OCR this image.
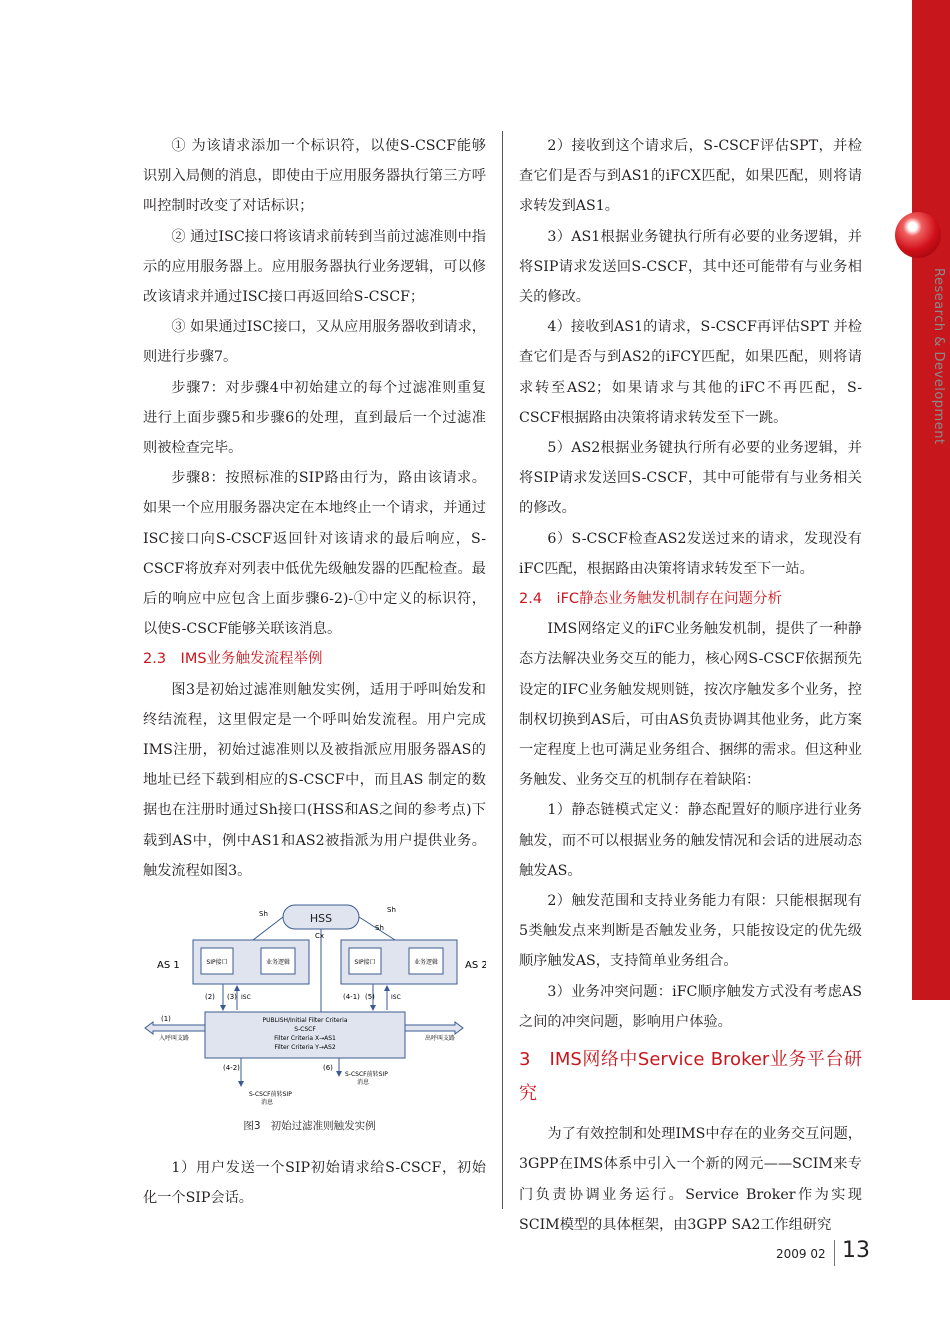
Research & Development

① 为该请求添加一个标识符，以使S-CSCF能够识别入局侧的消息，即使由于应用服务器执行第三方呼叫控制时改变了对话标识；

② 通过ISC接口将该请求前转到当前过滤准则中指示的应用服务器上。应用服务器执行业务逻辑，可以修改该请求并通过ISC接口再返回给S-CSCF；

③ 如果通过ISC接口，又从应用服务器收到请求，则进行步骤7。

步骤7：对步骤4中初始建立的每个过滤准则重复进行上面步骤5和步骤6的处理，直到最后一个过滤准则被检查完毕。

步骤8：按照标准的SIP路由行为，路由该请求。如果一个应用服务器决定在本地终止一个请求，并通过ISC接口向S-CSCF返回针对该请求的最后响应，S-CSCF将放弃对列表中低优先级触发器的匹配检查。最后的响应中应包含上面步骤6-2)-①中定义的标识符，以使S-CSCF能够关联该消息。

2.3　IMS业务触发流程举例

图3是初始过滤准则触发实例，适用于呼叫始发和终结流程，这里假定是一个呼叫始发流程。用户完成IMS注册，初始过滤准则以及被指派应用服务器AS的地址已经下载到相应的S-CSCF中，而且AS 制定的数据也在注册时通过Sh接口(HSS和AS之间的参考点)下载到AS中，例中AS1和AS2被指派为用户提供业务。触发流程如图3。

HSS
SIP接口	业务逻辑
AS 1	SIP接口	业务逻辑	AS 2
Sh	Sh
Sh
Cx
(2) (3) ISC	(4-1) (5)	ISC
PUBLISH/Initial Filter Criteria
S-CSCF
Filter Criteria X→AS1
Filter Criteria Y→AS2
(1)
入呼叫支路	出呼叫支路
(4-2)	(6)
S-CSCF前转SIP
消息
S-CSCF前转SIP
消息
图3 初始过滤准则触发实例

1）用户发送一个SIP初始请求给S-CSCF，初始化一个SIP会话。

2）接收到这个请求后，S-CSCF评估SPT，并检查它们是否与到AS1的iFCX匹配，如果匹配，则将请求转发到AS1。

3）AS1根据业务键执行所有必要的业务逻辑，并将SIP请求发送回S-CSCF，其中还可能带有与业务相关的修改。

4）接收到AS1的请求，S-CSCF再评估SPT 并检查它们是否与到AS2的iFCY匹配，如果匹配，则将请求转至AS2；如果请求与其他的iFC不再匹配，S-CSCF根据路由决策将请求转发至下一跳。

5）AS2根据业务键执行所有必要的业务逻辑，并将SIP请求发送回S-CSCF，其中可能带有与业务相关的修改。

6）S-CSCF检查AS2发送过来的请求，发现没有iFC匹配，根据路由决策将请求转发至下一站。

2.4　iFC静态业务触发机制存在问题分析

IMS网络定义的iFC业务触发机制，提供了一种静态方法解决业务交互的能力，核心网S-CSCF依据预先设定的IFC业务触发规则链，按次序触发多个业务，控制权切换到AS后，可由AS负责协调其他业务，此方案一定程度上也可满足业务组合、捆绑的需求。但这种业务触发、业务交互的机制存在着缺陷：

1）静态链模式定义：静态配置好的顺序进行业务触发，而不可以根据业务的触发情况和会话的进展动态触发AS。

2）触发范围和支持业务能力有限：只能根据现有5类触发点来判断是否触发业务，只能按设定的优先级顺序触发AS，支持简单业务组合。

3）业务冲突问题：iFC顺序触发方式没有考虑AS之间的冲突问题，影响用户体验。

3　IMS网络中Service Broker业务平台研究

为了有效控制和处理IMS中存在的业务交互问题，3GPP在IMS体系中引入一个新的网元——SCIM来专门负责协调业务运行。Service Broker作为实现SCIM模型的具体框架，由3GPP SA2工作组研究

2009 02 13
